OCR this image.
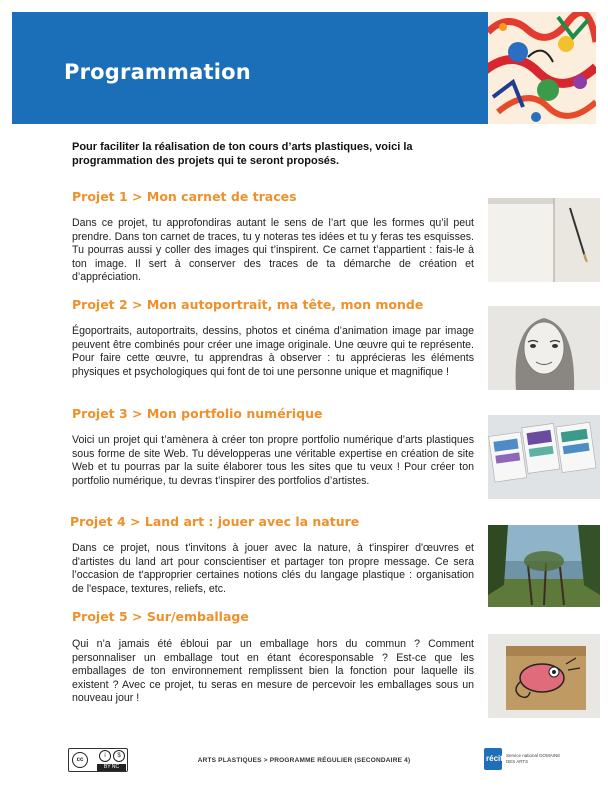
Programmation
Pour faciliter la réalisation de ton cours d’arts plastiques, voici la programmation des projets qui te seront proposés.
Projet 1 > Mon carnet de traces
Dans ce projet, tu approfondiras autant le sens de l’art que les formes qu’il peut prendre. Dans ton carnet de traces, tu y noteras tes idées et tu y feras tes esquisses. Tu pourras aussi y coller des images qui t’inspirent. Ce carnet t’appartient : fais-le à ton image. Il sert à conserver des traces de ta démarche de création et d’appréciation.
Projet 2 > Mon autoportrait, ma tête, mon monde
Égoportraits, autoportraits, dessins, photos et cinéma d’animation image par image peuvent être combinés pour créer une image originale. Une œuvre qui te représente. Pour faire cette œuvre, tu apprendras à observer : tu apprécieras les éléments physiques et psychologiques qui font de toi une personne unique et magnifique !
Projet 3 > Mon portfolio numérique
Voici un projet qui t’amènera à créer ton propre portfolio numérique d’arts plastiques sous forme de site Web. Tu développeras une véritable expertise en création de site Web et tu pourras par la suite élaborer tous les sites que tu veux ! Pour créer ton portfolio numérique, tu devras t’inspirer des portfolios d’artistes.
Projet 4 > Land art : jouer avec la nature
Dans ce projet, nous t'invitons à jouer avec la nature, à t'inspirer d'œuvres et d'artistes du land art pour conscientiser et partager ton propre message. Ce sera l’occasion de t'approprier certaines notions clés du langage plastique : organisation de l'espace, textures, reliefs, etc.
Projet 5 > Sur/emballage
Qui n’a jamais été ébloui par un emballage hors du commun ? Comment personnaliser un emballage tout en étant écoresponsable ? Est-ce que les emballages de ton environnement remplissent bien la fonction pour laquelle ils existent ? Avec ce projet, tu seras en mesure de percevoir les emballages sous un nouveau jour !
cc
i	$
BY NC
ARTS PLASTIQUES > PROGRAMME RÉGULIER (SECONDAIRE 4)	récit Service national DOMAINE DES ARTS
